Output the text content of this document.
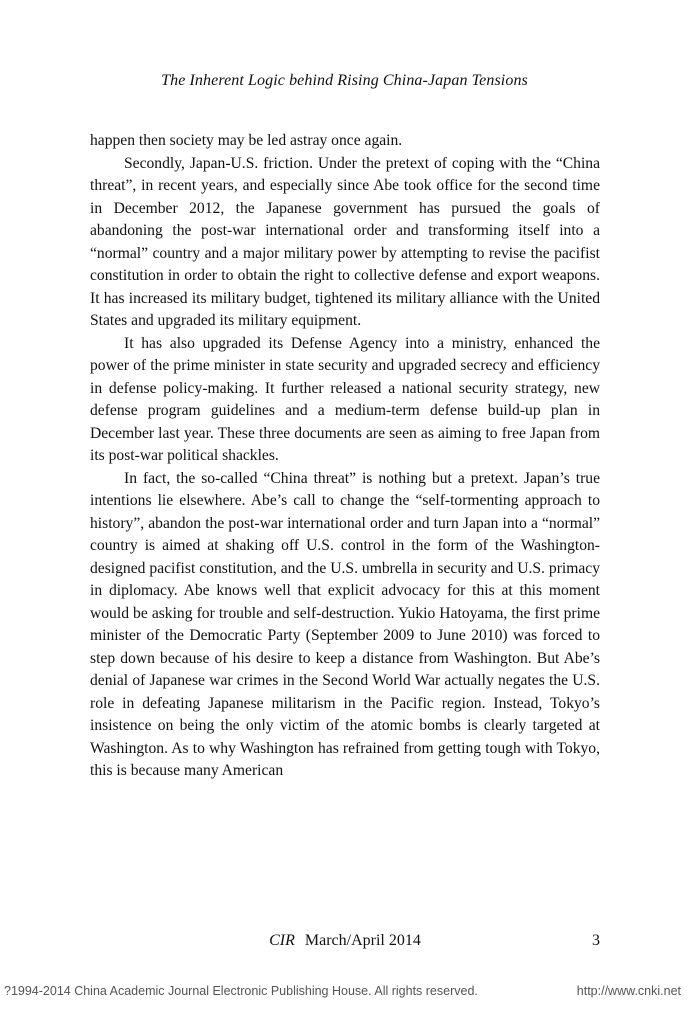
The Inherent Logic behind Rising China-Japan Tensions

happen then society may be led astray once again.

Secondly, Japan-U.S. friction. Under the pretext of coping with the “China threat”, in recent years, and especially since Abe took office for the second time in December 2012, the Japanese government has pursued the goals of abandoning the post-war international order and transforming itself into a “normal” country and a major military power by attempting to revise the pacifist constitution in order to obtain the right to collective defense and export weapons. It has increased its military budget, tightened its military alliance with the United States and upgraded its military equipment.

It has also upgraded its Defense Agency into a ministry, enhanced the power of the prime minister in state security and upgraded secrecy and efficiency in defense policy-making. It further released a national security strategy, new defense program guidelines and a medium-term defense build-up plan in December last year. These three documents are seen as aiming to free Japan from its post-war political shackles.

In fact, the so-called “China threat” is nothing but a pretext. Japan’s true intentions lie elsewhere. Abe’s call to change the “self-tormenting approach to history”, abandon the post-war international order and turn Japan into a “normal” country is aimed at shaking off U.S. control in the form of the Washington-designed pacifist constitution, and the U.S. umbrella in security and U.S. primacy in diplomacy. Abe knows well that explicit advocacy for this at this moment would be asking for trouble and self-destruction. Yukio Hatoyama, the first prime minister of the Democratic Party (September 2009 to June 2010) was forced to step down because of his desire to keep a distance from Washington. But Abe’s denial of Japanese war crimes in the Second World War actually negates the U.S. role in defeating Japanese militarism in the Pacific region. Instead, Tokyo’s insistence on being the only victim of the atomic bombs is clearly targeted at Washington. As to why Washington has refrained from getting tough with Tokyo, this is because many American

CIR March/April 2014	3
?1994-2014 China Academic Journal Electronic Publishing House. All rights reserved.	http://www.cnki.net
